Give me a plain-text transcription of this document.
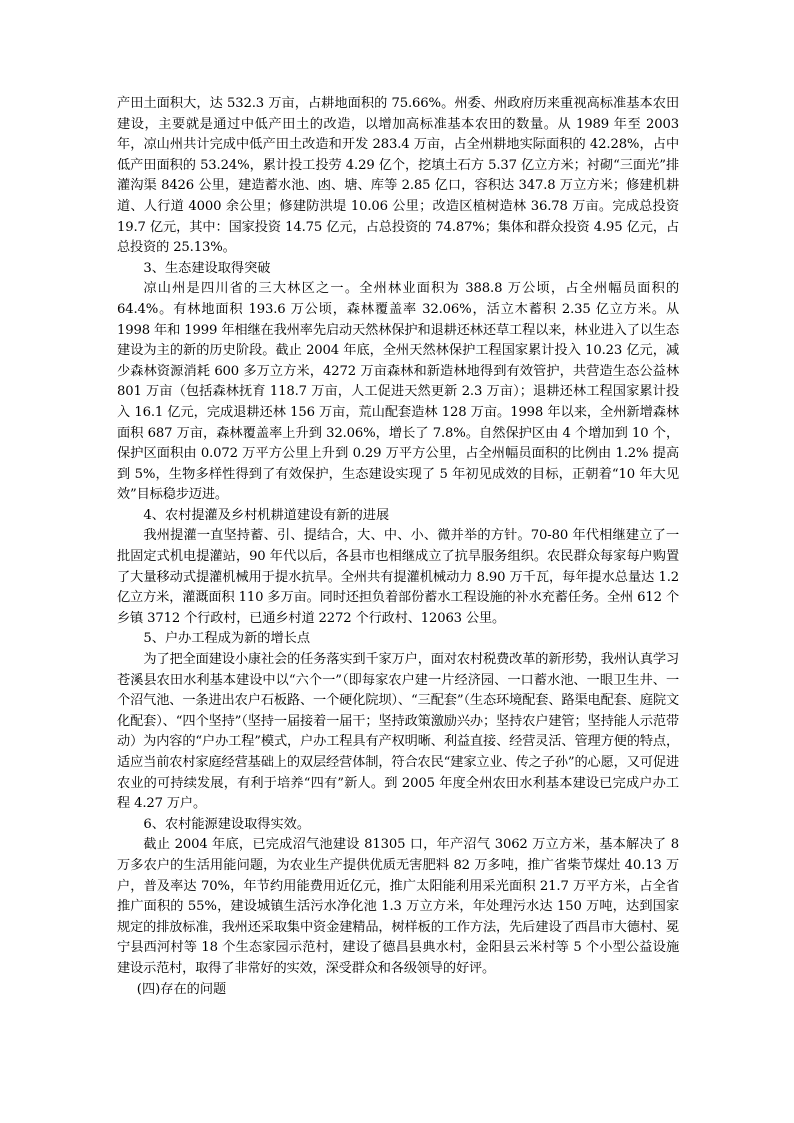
产田土面积大，达 532.3 万亩，占耕地面积的 75.66%。州委、州政府历来重视高标准基本农田建设，主要就是通过中低产田土的改造，以增加高标准基本农田的数量。从 1989 年至 2003 年，凉山州共计完成中低产田土改造和开发 283.4 万亩，占全州耕地实际面积的 42.28%，占中低产田面积的 53.24%，累计投工投劳 4.29 亿个，挖填土石方 5.37 亿立方米；衬砌“三面光”排灌沟渠 8426 公里，建造蓄水池、凼、塘、库等 2.85 亿口，容积达 347.8 万立方米；修建机耕道、人行道 4000 余公里；修建防洪堤 10.06 公里；改造区植树造林 36.78 万亩。完成总投资 19.7 亿元，其中：国家投资 14.75 亿元，占总投资的 74.87%；集体和群众投资 4.95 亿元，占总投资的 25.13%。

3、生态建设取得突破

凉山州是四川省的三大林区之一。全州林业面积为 388.8 万公顷，占全州幅员面积的 64.4%。有林地面积 193.6 万公顷，森林覆盖率 32.06%，活立木蓄积 2.35 亿立方米。从 1998 年和 1999 年相继在我州率先启动天然林保护和退耕还林还草工程以来，林业进入了以生态建设为主的新的历史阶段。截止 2004 年底，全州天然林保护工程国家累计投入 10.23 亿元，减少森林资源消耗 600 多万立方米，4272 万亩森林和新造林地得到有效管护，共营造生态公益林 801 万亩（包括森林抚育 118.7 万亩，人工促进天然更新 2.3 万亩）；退耕还林工程国家累计投入 16.1 亿元，完成退耕还林 156 万亩，荒山配套造林 128 万亩。1998 年以来，全州新增森林面积 687 万亩，森林覆盖率上升到 32.06%，增长了 7.8%。自然保护区由 4 个增加到 10 个，保护区面积由 0.072 万平方公里上升到 0.29 万平方公里，占全州幅员面积的比例由 1.2% 提高到 5%，生物多样性得到了有效保护，生态建设实现了 5 年初见成效的目标，正朝着“10 年大见效”目标稳步迈进。

4、农村提灌及乡村机耕道建设有新的进展

我州提灌一直坚持蓄、引、提结合，大、中、小、微并举的方针。70-80 年代相继建立了一批固定式机电提灌站，90 年代以后，各县市也相继成立了抗旱服务组织。农民群众每家每户购置了大量移动式提灌机械用于提水抗旱。全州共有提灌机械动力 8.90 万千瓦，每年提水总量达 1.2 亿立方米，灌溉面积 110 多万亩。同时还担负着部份蓄水工程设施的补水充蓄任务。全州 612 个乡镇 3712 个行政村，已通乡村道 2272 个行政村、12063 公里。

5、户办工程成为新的增长点

为了把全面建设小康社会的任务落实到千家万户，面对农村税费改革的新形势，我州认真学习苍溪县农田水利基本建设中以“六个一”（即每家农户建一片经济园、一口蓄水池、一眼卫生井、一个沼气池、一条进出农户石板路、一个硬化院坝）、“三配套”（生态环境配套、路渠电配套、庭院文化配套）、“四个坚持”（坚持一届接着一届干；坚持政策激励兴办；坚持农户建管；坚持能人示范带动）为内容的“户办工程”模式，户办工程具有产权明晰、利益直接、经营灵活、管理方便的特点，适应当前农村家庭经营基础上的双层经营体制，符合农民“建家立业、传之子孙”的心愿，又可促进农业的可持续发展，有利于培养“四有”新人。到 2005 年度全州农田水利基本建设已完成户办工程 4.27 万户。

6、农村能源建设取得实效。

截止 2004 年底，已完成沼气池建设 81305 口，年产沼气 3062 万立方米，基本解决了 8 万多农户的生活用能问题，为农业生产提供优质无害肥料 82 万多吨，推广省柴节煤灶 40.13 万户，普及率达 70%，年节约用能费用近亿元，推广太阳能利用采光面积 21.7 万平方米，占全省推广面积的 55%，建设城镇生活污水净化池 1.3 万立方米，年处理污水达 150 万吨，达到国家规定的排放标准，我州还采取集中资金建精品，树样板的工作方法，先后建设了西昌市大德村、冕宁县西河村等 18 个生态家园示范村，建设了德昌县典水村，金阳县云米村等 5 个小型公益设施建设示范村，取得了非常好的实效，深受群众和各级领导的好评。

(四)存在的问题
